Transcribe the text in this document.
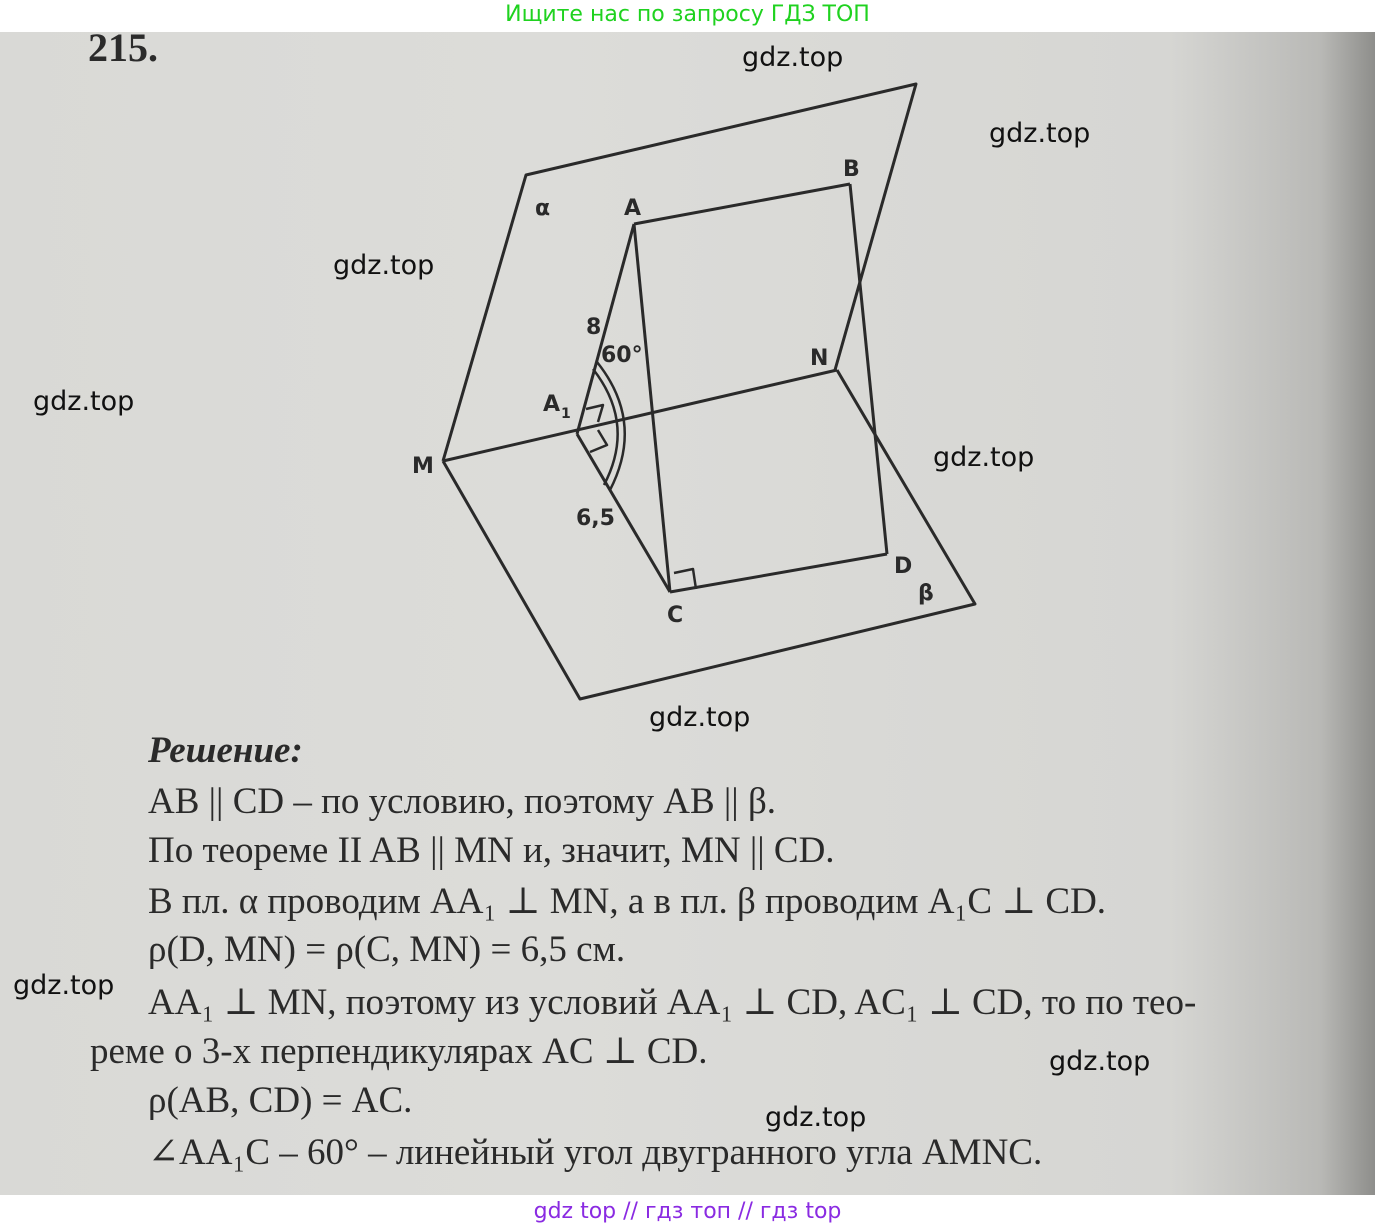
Ищите нас по запросу ГДЗ ТОП
215.
α
β
A
B
M
N
C
D
A 1
8
60°
6,5
Решение:
AB || CD – по условию, поэтому AB || β.
По теореме II AB || MN и, значит, MN || CD.
В пл. α проводим AA₁ ⊥ MN, а в пл. β проводим A₁C ⊥ CD.
ρ(D, MN) = ρ(C, MN) = 6,5 см.
AA₁ ⊥ MN, поэтому из условий AA₁ ⊥ CD, AC₁ ⊥ CD, то по тео-
реме о 3-х перпендикулярах AC ⊥ CD.
ρ(AB, CD) = AC.
∠AA₁C – 60° – линейный угол двугранного угла AMNC.
gdz.top
gdz.top
gdz.top
gdz.top
gdz.top
gdz.top
gdz.top
gdz.top
gdz.top
gdz top // гдз топ // гдз top
